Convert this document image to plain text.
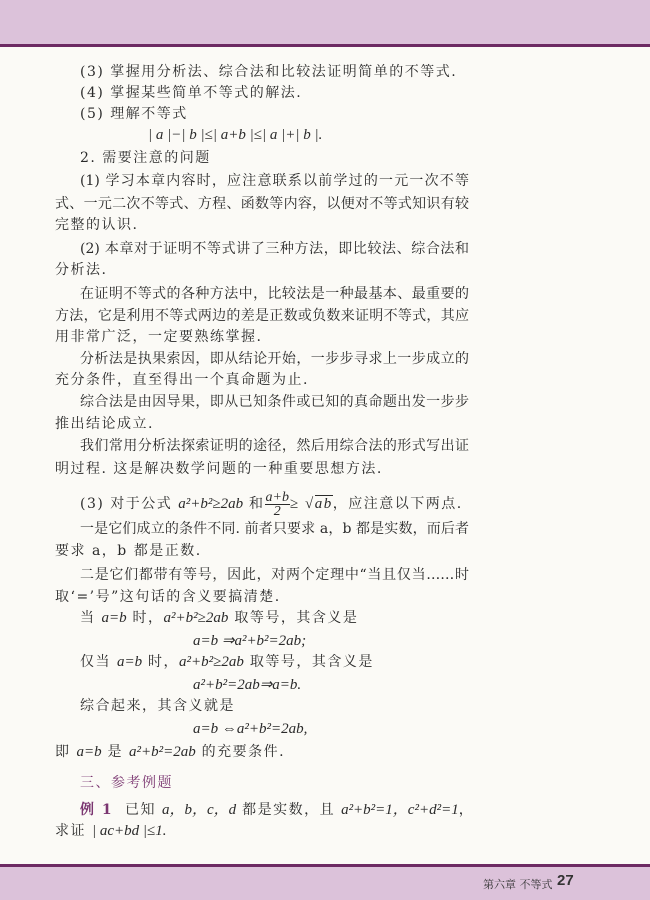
(3) 掌握用分析法、综合法和比较法证明简单的不等式.
(4) 掌握某些简单不等式的解法.
(5) 理解不等式
| a |−| b |≤| a+b |≤| a |+| b |.
2. 需要注意的问题
(1) 学习本章内容时，应注意联系以前学过的一元一次不等
式、一元二次不等式、方程、函数等内容，以便对不等式知识有较
完整的认识.
(2) 本章对于证明不等式讲了三种方法，即比较法、综合法和
分析法.
在证明不等式的各种方法中，比较法是一种最基本、最重要的
方法，它是利用不等式两边的差是正数或负数来证明不等式，其应
用非常广泛，一定要熟练掌握.
分析法是执果索因，即从结论开始，一步步寻求上一步成立的
充分条件，直至得出一个真命题为止.
综合法是由因导果，即从已知条件或已知的真命题出发一步步
推出结论成立.
我们常用分析法探索证明的途径，然后用综合法的形式写出证
明过程. 这是解决数学问题的一种重要思想方法.
(3) 对于公式 a²+b²≥2ab 和 $\frac{a+b}{2} \ge √ab$，应注意以下两点.
一是它们成立的条件不同. 前者只要求 a，b 都是实数，而后者
要求 a，b 都是正数.
二是它们都带有等号，因此，对两个定理中“当且仅当……时
取‘=’号”这句话的含义要搞清楚.
当 a=b 时，a²+b²≥2ab 取等号，其含义是
a=b ⇒a²+b²=2ab;
仅当 a=b 时，a²+b²≥2ab 取等号，其含义是
a²+b²=2ab⇒a=b.
综合起来，其含义就是
a=b ⇔a²+b²=2ab,
即 a=b 是 a²+b²=2ab 的充要条件.
三、参考例题
例 1 已知 a，b，c，d 都是实数，且 a²+b²=1，c²+d²=1，
求证 | ac+bd |≤1.
第六章 不等式 27
